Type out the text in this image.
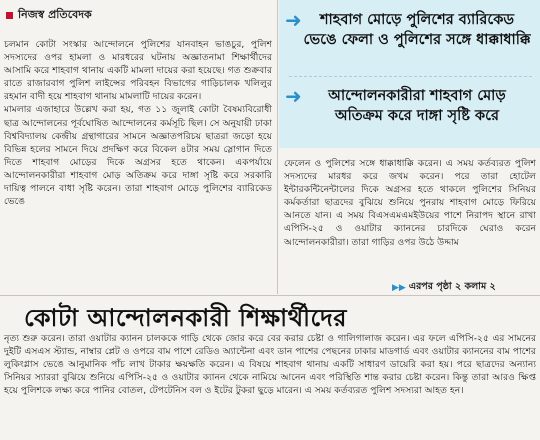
নিজস্ব প্রতিবেদক

চলমান কোটা সংস্কার আন্দোলনে পুলিশের যানবাহন ভাঙচুর, পুলিশ সদস্যদের ওপর হামলা ও মারধরের ঘটনায় অজ্ঞাতনামা শিক্ষার্থীদের আসামি করে শাহবাগ থানায় একটি মামলা দায়ের করা হয়েছে। গত শুক্রবার রাতে রাজারবাগ পুলিশ লাইন্সের পরিবহন বিভাগের গাড়িচালক খলিলুর রহমান বাদী হয়ে শাহবাগ থানায় মামলাটি দায়ের করেন।

মামলার এজাহারে উল্লেখ করা হয়, গত ১১ জুলাই কোটা বৈষম্যবিরোধী ছাত্র আন্দোলনের পূর্বঘোষিত আন্দোলনের কর্মসূচি ছিল। সে অনুযায়ী ঢাকা বিশ্ববিদ্যালয় কেন্দ্রীয় গ্রন্থাগারের সামনে অজ্ঞাতপরিচয় ছাত্ররা জড়ো হয়ে বিভিন্ন হলের সামনে দিয়ে প্রদক্ষিণ করে বিকেল ৪টার সময় স্লোগান দিতে দিতে শাহবাগ মোড়ের দিকে অগ্রসর হতে থাকেন। একপর্যায়ে আন্দোলনকারীরা শাহবাগ মোড় অতিক্রম করে দাঙ্গা সৃষ্টি করে সরকারি দায়িত্ব পালনে বাধা সৃষ্টি করেন। তারা শাহবাগ মোড়ে পুলিশের ব্যারিকেড ভেঙে

➜	শাহবাগ মোড়ে পুলিশের ব্যারিকেড ভেঙে ফেলা ও পুলিশের সঙ্গে ধাক্কাধাক্কি
➜	আন্দোলনকারীরা শাহবাগ মোড় অতিক্রম করে দাঙ্গা সৃষ্টি করে

ফেলেন ও পুলিশের সঙ্গে ধাক্কাধাক্কি করেন। এ সময় কর্তব্যরত পুলিশ সদস্যদের মারধর করে জখম করেন। পরে তারা হোটেল ইন্টারকন্টিনেন্টালের দিকে অগ্রসর হতে থাকলে পুলিশের সিনিয়র কর্মকর্তারা ছাত্রদের বুঝিয়ে শুনিয়ে পুনরায় শাহবাগ মোড়ে ফিরিয়ে আনতে যান। এ সময় বিএসএমএমইউয়ের পাশে নিরাপদ স্থানে রাখা এপিসি-২৫ ও ওয়াটার ক্যাননের চারদিকে ঘেরাও করেন আন্দোলনকারীরা। তারা গাড়ির ওপর উঠে উদ্দাম

▶▶ এরপর পৃষ্ঠা ২ কলাম ২
কোটা আন্দোলনকারী শিক্ষার্থীদের

নৃত্য শুরু করেন। তারা ওয়াটার ক্যানন চালককে গাড়ি থেকে জোর করে বের করার চেষ্টা ও গালিগালাজ করেন। এর ফলে এপিসি-২৫ এর সামনের দুইটি এসএস স্ট্যান্ড, নাম্বার প্লেট ও ওপরে বাম পাশে রেডিও অ্যান্টেনা এবং ডান পাশের পেছনের ঢাকার মাডগার্ড এবং ওয়াটার ক্যাননের বাম পাশের লুকিংগ্লাস ভেঙে আনুমানিক পাঁচ লাখ টাকার ক্ষয়ক্ষতি করেন। এ বিষয়ে শাহবাগ থানায় একটি সাধারণ ডায়েরি করা হয়। পরে ছাত্রদের অন্যান্য সিনিয়র স্যাররা বুঝিয়ে শুনিয়ে এপিসি-২৫ ও ওয়াটার ক্যানন থেকে নামিয়ে আনেন এবং পরিস্থিতি শান্ত করার চেষ্টা করেন। কিন্তু তারা আরও ক্ষিপ্ত হয়ে পুলিশকে লক্ষ্য করে পানির বোতল, টেপটেনিস বল ও ইটের টুকরা ছুড়ে মারেন। এ সময় কর্তব্যরত পুলিশ সদস্যরা আহত হন।
